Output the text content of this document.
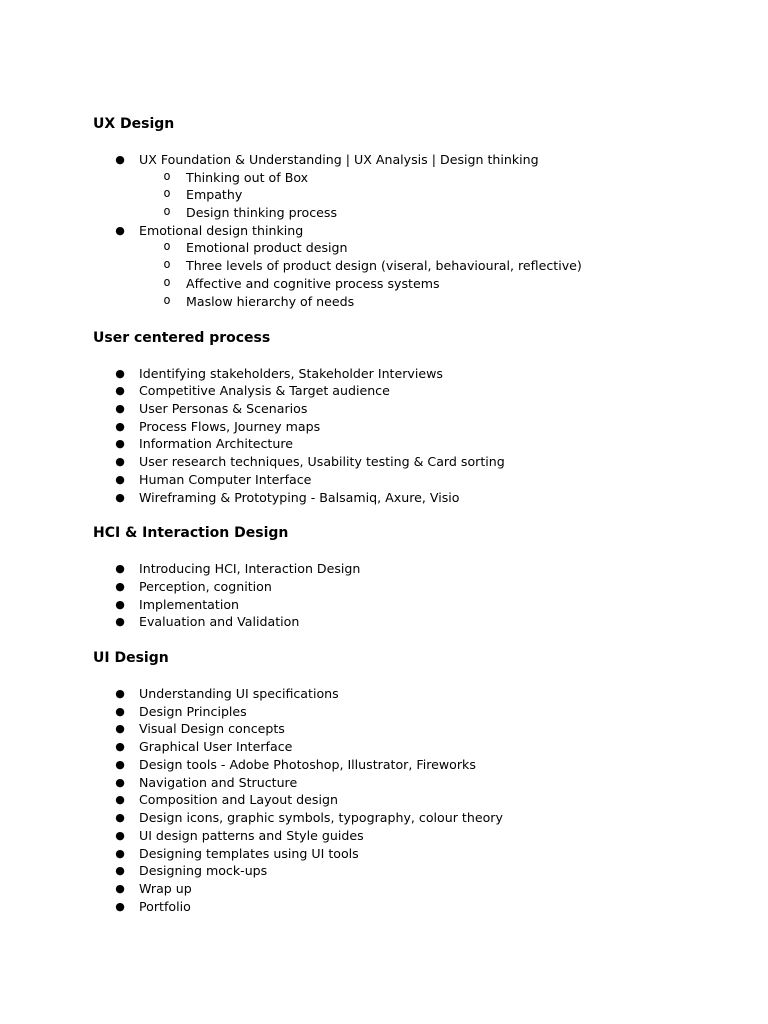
UX Design
● UX Foundation & Understanding | UX Analysis | Design thinking
o Thinking out of Box
o Empathy
o Design thinking process
● Emotional design thinking
o Emotional product design
o Three levels of product design (viseral, behavioural, reflective)
o Affective and cognitive process systems
o Maslow hierarchy of needs
User centered process
● Identifying stakeholders, Stakeholder Interviews
● Competitive Analysis & Target audience
● User Personas & Scenarios
● Process Flows, Journey maps
● Information Architecture
● User research techniques, Usability testing & Card sorting
● Human Computer Interface
● Wireframing & Prototyping - Balsamiq, Axure, Visio
HCI & Interaction Design
● Introducing HCI, Interaction Design
● Perception, cognition
● Implementation
● Evaluation and Validation
UI Design
● Understanding UI specifications
● Design Principles
● Visual Design concepts
● Graphical User Interface
● Design tools - Adobe Photoshop, Illustrator, Fireworks
● Navigation and Structure
● Composition and Layout design
● Design icons, graphic symbols, typography, colour theory
● UI design patterns and Style guides
● Designing templates using UI tools
● Designing mock-ups
● Wrap up
● Portfolio
